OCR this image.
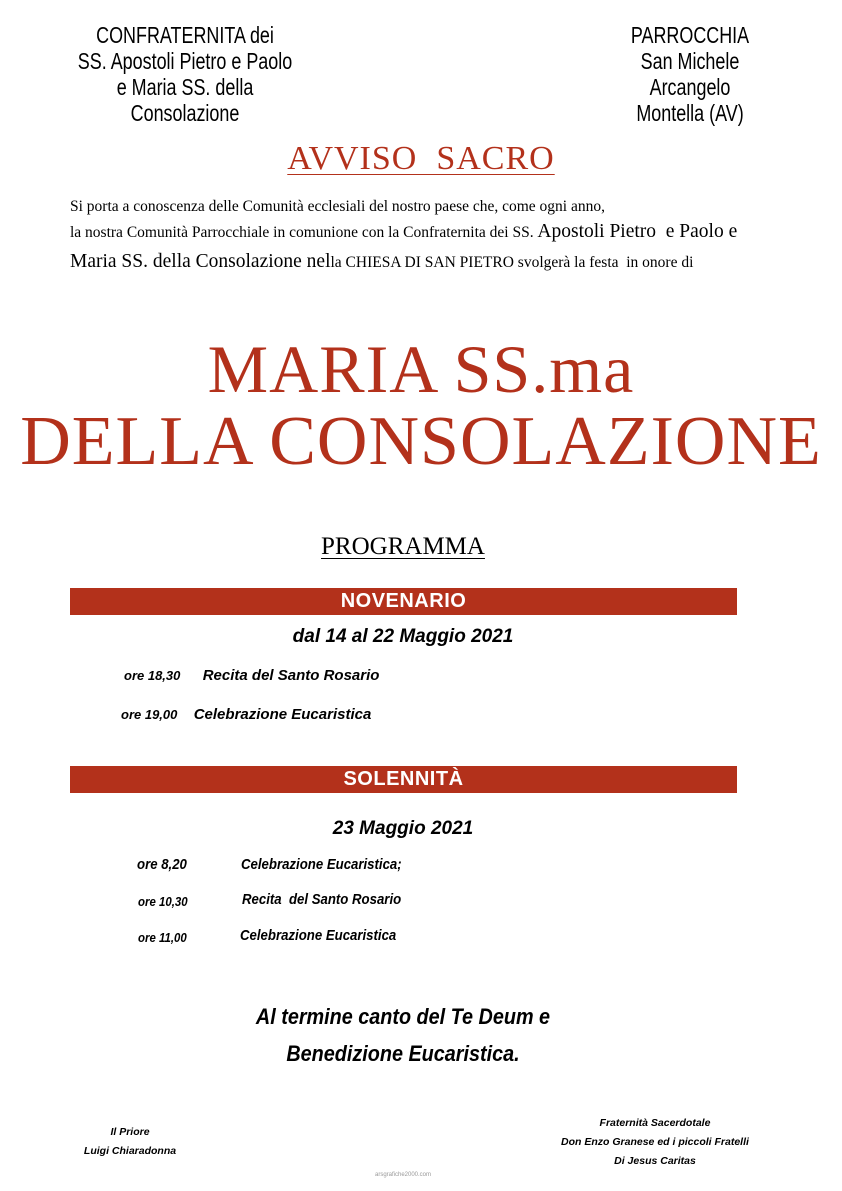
CONFRATERNITA dei
SS. Apostoli Pietro e Paolo
e Maria SS. della Consolazione
PARROCCHIA
San Michele Arcangelo
Montella (AV)
AVVISO  SACRO
Si porta a conoscenza delle Comunità ecclesiali del nostro paese che, come ogni anno,
la nostra Comunità Parrocchiale in comunione con la Confraternita dei SS. Apostoli Pietro  e Paolo e
Maria SS. della Consolazione nella CHIESA DI SAN PIETRO svolgerà la festa  in onore di
MARIA SS.ma
DELLA CONSOLAZIONE
PROGRAMMA
NOVENARIO
dal 14 al 22 Maggio 2021
ore 18,30 Recita del Santo Rosario
ore 19,00 Celebrazione Eucaristica
SOLENNITÀ
23 Maggio 2021
ore 8,20	Celebrazione Eucaristica;
ore 10,30	Recita  del Santo Rosario
ore 11,00	Celebrazione Eucaristica
Al termine canto del Te Deum e
Benedizione Eucaristica.
Il Priore
Luigi Chiaradonna
Fraternità Sacerdotale
Don Enzo Granese ed i piccoli Fratelli
Di Jesus Caritas
arsgrafiche2000.com
